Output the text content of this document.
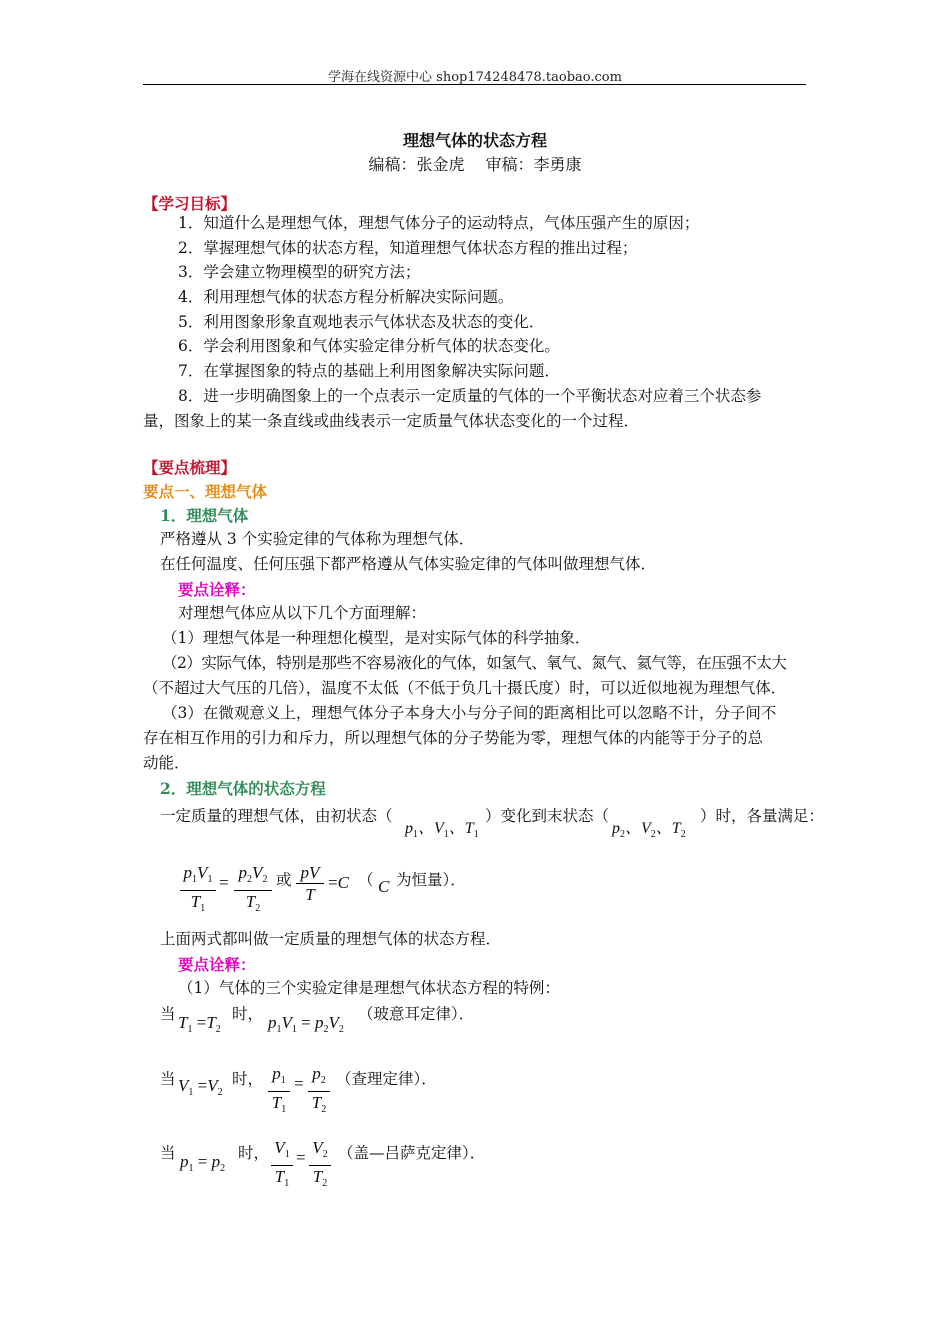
学海在线资源中心 shop174248478.taobao.com
理想气体的状态方程
编稿：张金虎　 审稿：李勇康
【学习目标】
1．知道什么是理想气体，理想气体分子的运动特点，气体压强产生的原因；
2．掌握理想气体的状态方程，知道理想气体状态方程的推出过程；
3．学会建立物理模型的研究方法；
4．利用理想气体的状态方程分析解决实际问题。
5．利用图象形象直观地表示气体状态及状态的变化．
6．学会利用图象和气体实验定律分析气体的状态变化。
7．在掌握图象的特点的基础上利用图象解决实际问题．
8．进一步明确图象上的一个点表示一定质量的气体的一个平衡状态对应着三个状态参
量，图象上的某一条直线或曲线表示一定质量气体状态变化的一个过程．
【要点梳理】
要点一、理想气体
1．理想气体
严格遵从 3 个实验定律的气体称为理想气体．
在任何温度、任何压强下都严格遵从气体实验定律的气体叫做理想气体．
要点诠释：
对理想气体应从以下几个方面理解：
（1）理想气体是一种理想化模型，是对实际气体的科学抽象．
（2）实际气体，特别是那些不容易液化的气体，如氢气、氧气、氮气、氦气等，在压强不太大
（不超过大气压的几倍），温度不太低（不低于负几十摄氏度）时，可以近似地视为理想气体．
（3）在微观意义上，理想气体分子本身大小与分子间的距离相比可以忽略不计，分子间不
存在相互作用的引力和斥力，所以理想气体的分子势能为零，理想气体的内能等于分子的总
动能．
2．理想气体的状态方程
一定质量的理想气体，由初状态（
$p_1$、$V_1$、$T_1$
）变化到末状态（
$p_2$、$V_2$、$T_2$
）时，各量满足：
$\frac{p_1V_1}{T_1} = \frac{p_2V_2}{T_2}$ 或 $\frac{pV}{T} =C$ （ C 为恒量）．
上面两式都叫做一定质量的理想气体的状态方程．
要点诠释：
（1）气体的三个实验定律是理想气体状态方程的特例：
当 $T_1 =T_2$
时， $p_1V_1 = p_2V_2$
（玻意耳定律）．
当 $V_1 =V_2$
时， $\frac{p_1}{T_1} = \frac{p_2}{T_2}$ （查理定律）．
当 $p_1 = p_2$
时， $\frac{V_1}{T_1} = \frac{V_2}{T_2}$ （盖—吕萨克定律）．
